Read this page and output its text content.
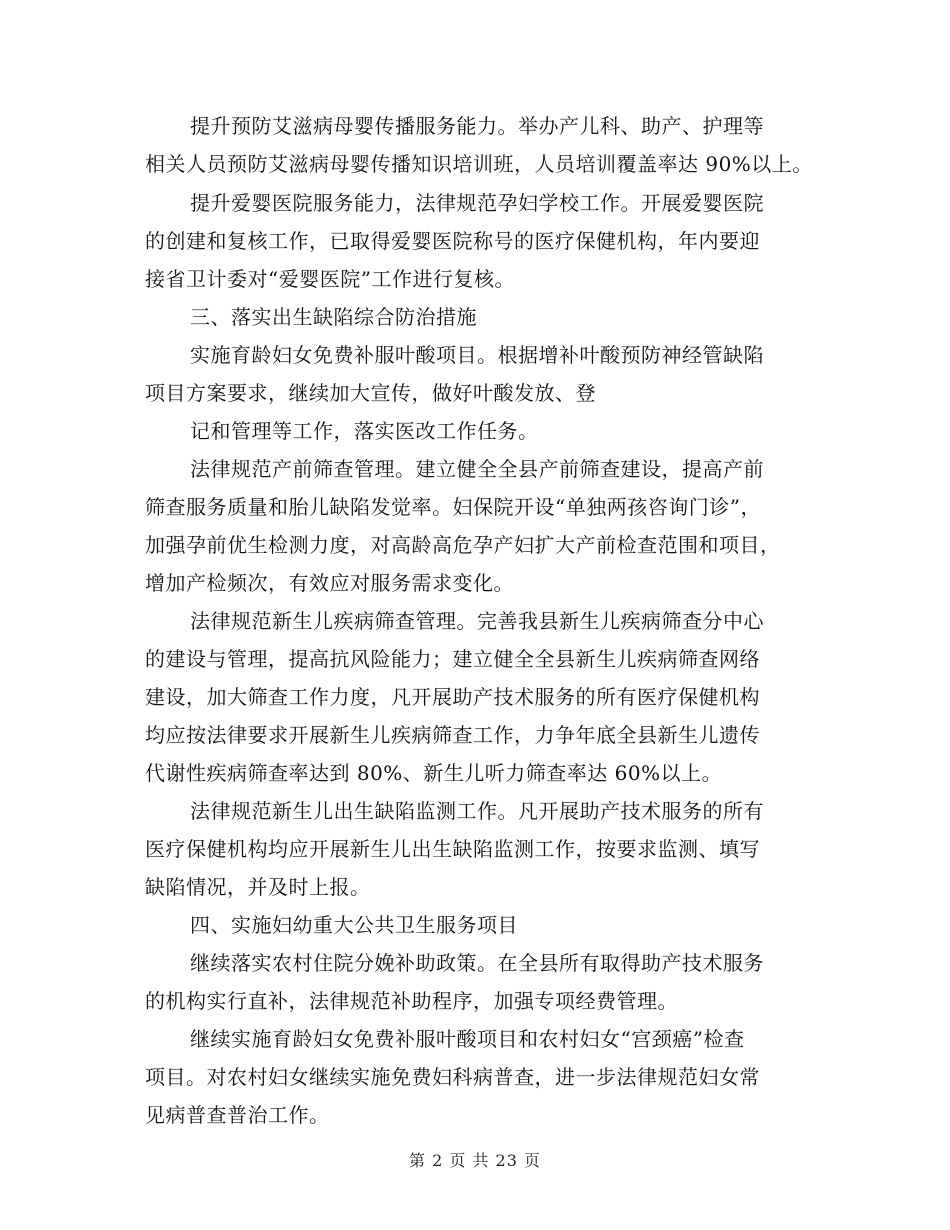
提升预防艾滋病母婴传播服务能力。举办产儿科、助产、护理等
相关人员预防艾滋病母婴传播知识培训班，人员培训覆盖率达 90%以上。
提升爱婴医院服务能力，法律规范孕妇学校工作。开展爱婴医院
的创建和复核工作，已取得爱婴医院称号的医疗保健机构，年内要迎
接省卫计委对“爱婴医院”工作进行复核。
三、落实出生缺陷综合防治措施
实施育龄妇女免费补服叶酸项目。根据增补叶酸预防神经管缺陷
项目方案要求，继续加大宣传，做好叶酸发放、登
记和管理等工作，落实医改工作任务。
法律规范产前筛查管理。建立健全全县产前筛查建设，提高产前
筛查服务质量和胎儿缺陷发觉率。妇保院开设“单独两孩咨询门诊”，
加强孕前优生检测力度，对高龄高危孕产妇扩大产前检查范围和项目，
增加产检频次，有效应对服务需求变化。
法律规范新生儿疾病筛查管理。完善我县新生儿疾病筛查分中心
的建设与管理，提高抗风险能力；建立健全全县新生儿疾病筛查网络
建设，加大筛查工作力度，凡开展助产技术服务的所有医疗保健机构
均应按法律要求开展新生儿疾病筛查工作，力争年底全县新生儿遗传
代谢性疾病筛查率达到 80%、新生儿听力筛查率达 60%以上。
法律规范新生儿出生缺陷监测工作。凡开展助产技术服务的所有
医疗保健机构均应开展新生儿出生缺陷监测工作，按要求监测、填写
缺陷情况，并及时上报。
四、实施妇幼重大公共卫生服务项目
继续落实农村住院分娩补助政策。在全县所有取得助产技术服务
的机构实行直补，法律规范补助程序，加强专项经费管理。
继续实施育龄妇女免费补服叶酸项目和农村妇女“宫颈癌”检查
项目。对农村妇女继续实施免费妇科病普查，进一步法律规范妇女常
见病普查普治工作。
第 2 页 共 23 页
